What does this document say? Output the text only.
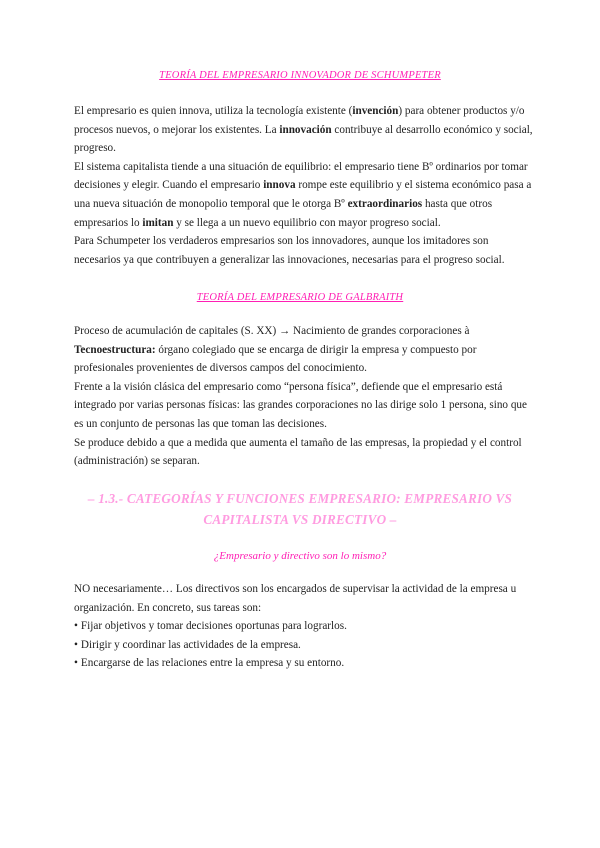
TEORÍA DEL EMPRESARIO INNOVADOR DE SCHUMPETER

El empresario es quien innova, utiliza la tecnología existente (invención) para obtener productos y/o procesos nuevos, o mejorar los existentes. La innovación contribuye al desarrollo económico y social, progreso.

El sistema capitalista tiende a una situación de equilibrio: el empresario tiene Bº ordinarios por tomar decisiones y elegir. Cuando el empresario innova rompe este equilibrio y el sistema económico pasa a una nueva situación de monopolio temporal que le otorga Bº extraordinarios hasta que otros empresarios lo imitan y se llega a un nuevo equilibrio con mayor progreso social.

Para Schumpeter los verdaderos empresarios son los innovadores, aunque los imitadores son necesarios ya que contribuyen a generalizar las innovaciones, necesarias para el progreso social.

TEORÍA DEL EMPRESARIO DE GALBRAITH

Proceso de acumulación de capitales (S. XX) → Nacimiento de grandes corporaciones à

Tecnoestructura: órgano colegiado que se encarga de dirigir la empresa y compuesto por profesionales provenientes de diversos campos del conocimiento.

Frente a la visión clásica del empresario como “persona física”, defiende que el empresario está integrado por varias personas físicas: las grandes corporaciones no las dirige solo 1 persona, sino que es un conjunto de personas las que toman las decisiones.

Se produce debido a que a medida que aumenta el tamaño de las empresas, la propiedad y el control (administración) se separan.

– 1.3.- CATEGORÍAS Y FUNCIONES EMPRESARIO: EMPRESARIO VS CAPITALISTA VS DIRECTIVO –
¿Empresario y directivo son lo mismo?

NO necesariamente… Los directivos son los encargados de supervisar la actividad de la empresa u organización. En concreto, sus tareas son:

• Fijar objetivos y tomar decisiones oportunas para lograrlos.
• Dirigir y coordinar las actividades de la empresa.
• Encargarse de las relaciones entre la empresa y su entorno.
